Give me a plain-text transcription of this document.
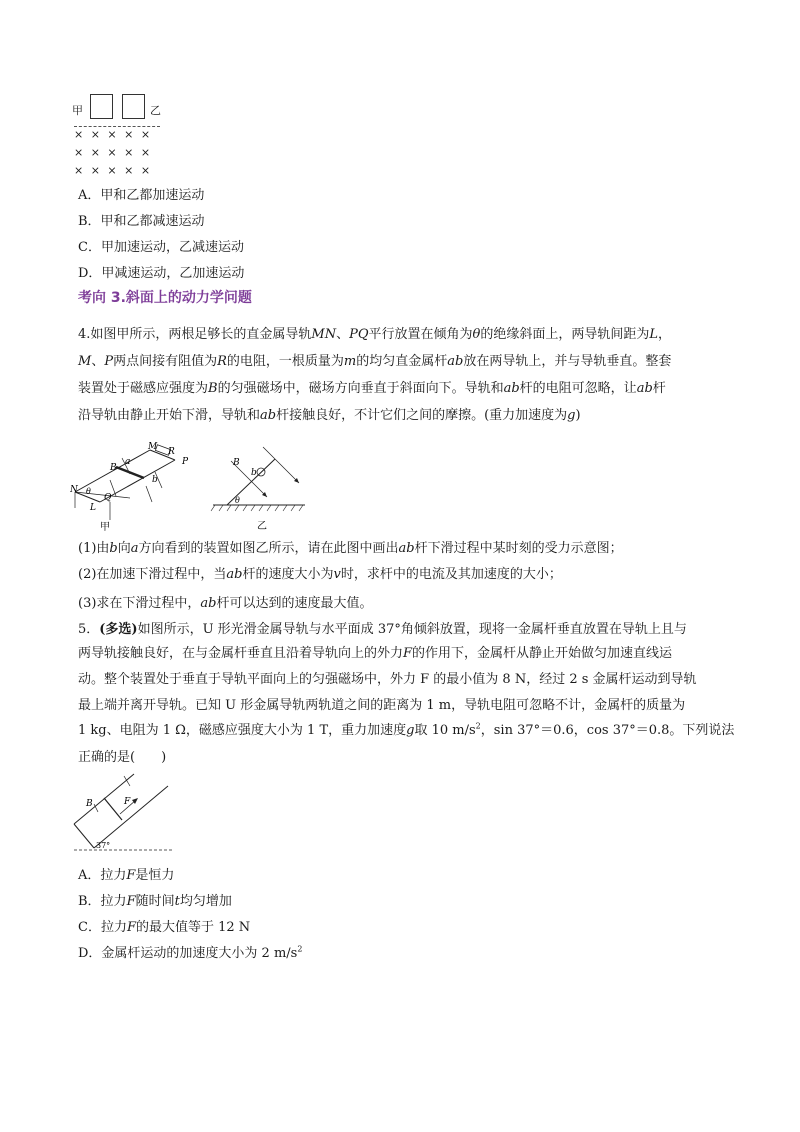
甲	乙
× × × × ×
× × × × ×
× × × × ×
A．甲和乙都加速运动
B．甲和乙都减速运动
C．甲加速运动，乙减速运动
D．甲减速运动，乙加速运动
考向 3.斜面上的动力学问题
4.如图甲所示，两根足够长的直金属导轨MN、PQ平行放置在倾角为θ的绝缘斜面上，两导轨间距为L，
M、P两点间接有阻值为R的电阻，一根质量为m的均匀直金属杆ab放在两导轨上，并与导轨垂直。整套
装置处于磁感应强度为B的匀强磁场中，磁场方向垂直于斜面向下。导轨和ab杆的电阻可忽略，让ab杆
沿导轨由静止开始下滑，导轨和ab杆接触良好，不计它们之间的摩擦。(重力加速度为g)
M R
P
a
B
b
N θ
Q
L
甲
B
b
θ
乙
(1)由b向a方向看到的装置如图乙所示，请在此图中画出ab杆下滑过程中某时刻的受力示意图；
(2)在加速下滑过程中，当ab杆的速度大小为v时，求杆中的电流及其加速度的大小；
(3)求在下滑过程中，ab杆可以达到的速度最大值。
5．(多选)如图所示，U 形光滑金属导轨与水平面成 37°角倾斜放置，现将一金属杆垂直放置在导轨上且与
两导轨接触良好，在与金属杆垂直且沿着导轨向上的外力F的作用下，金属杆从静止开始做匀加速直线运
动。整个装置处于垂直于导轨平面向上的匀强磁场中，外力 F 的最小值为 8 N，经过 2 s 金属杆运动到导轨
最上端并离开导轨。已知 U 形金属导轨两轨道之间的距离为 1 m，导轨电阻可忽略不计，金属杆的质量为
1 kg、电阻为 1 Ω，磁感应强度大小为 1 T，重力加速度g取 10 $m/s^2$，sin 37°＝0.6，cos 37°＝0.8。下列说法
正确的是(　　)
B	F
37°
A．拉力F是恒力
B．拉力F随时间t均匀增加
C．拉力F的最大值等于 12 N
D．金属杆运动的加速度大小为 2 $m/s^2$
